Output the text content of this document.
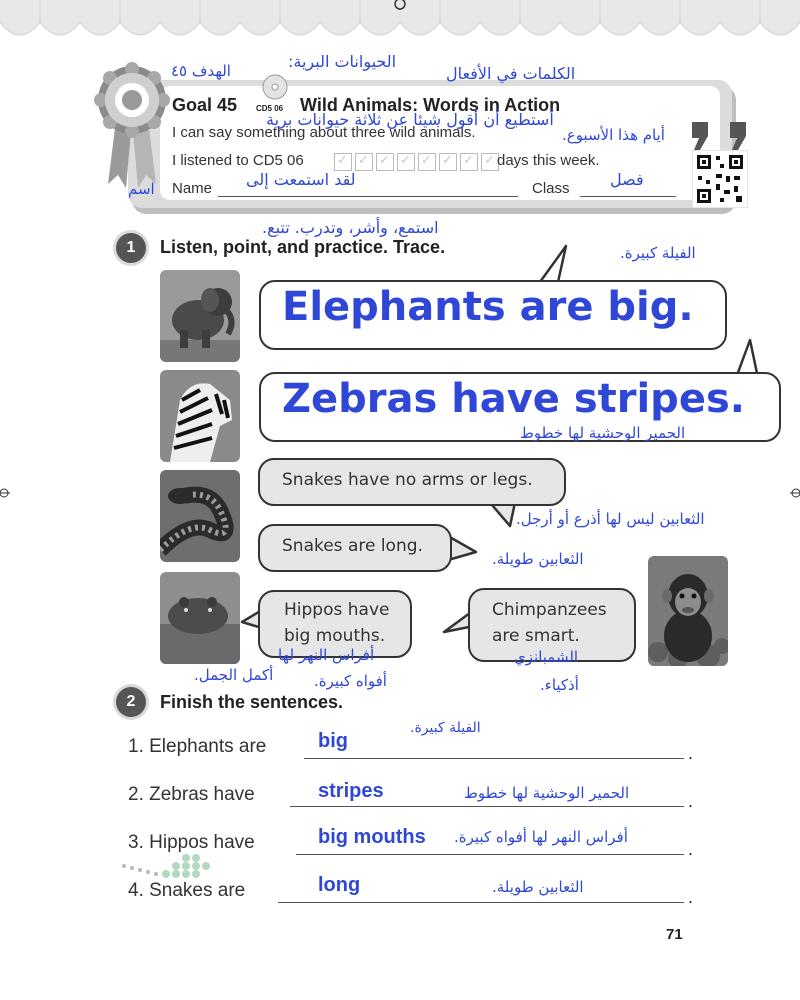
الهدف ٤٥	الحيوانات البرية:
الكلمات في الأفعال
Goal 45 CD5 06 Wild Animals: Words in Action
I can say something about three wild animals.
أستطيع أن أقول شيئا عن ثلاثة حيوانات برية
I listened to CD5 06 ✓ ✓ ✓ ✓ ✓ ✓ ✓ ✓	days this week.
أيام هذا الأسبوع.
اسم Name لقد استمعت إلى	Class	فصل
1	Listen, point, and practice. Trace.
استمع، وأشر، وتدرب. تتبع.
Elephants are big.
الفيلة كبيرة.
Zebras have stripes.
الحمير الوحشية لها خطوط
Snakes have no arms or legs.
الثعابين ليس لها أذرع أو أرجل.
Snakes are long.
الثعابين طويلة.
Hippos have
big mouths.
أفراس النهر لها
أفواه كبيرة.
Chimpanzees
are smart.
الشمبانزي
أذكياء.
أكمل الجمل.
2	Finish the sentences.
الفيلة كبيرة.
1. Elephants are	big
.
2. Zebras have	stripes	الحمير الوحشية لها خطوط	.
3. Hippos have	big mouths أفراس النهر لها أفواه كبيرة.
.
4. Snakes are	long	الثعابين طويلة.
.
71
